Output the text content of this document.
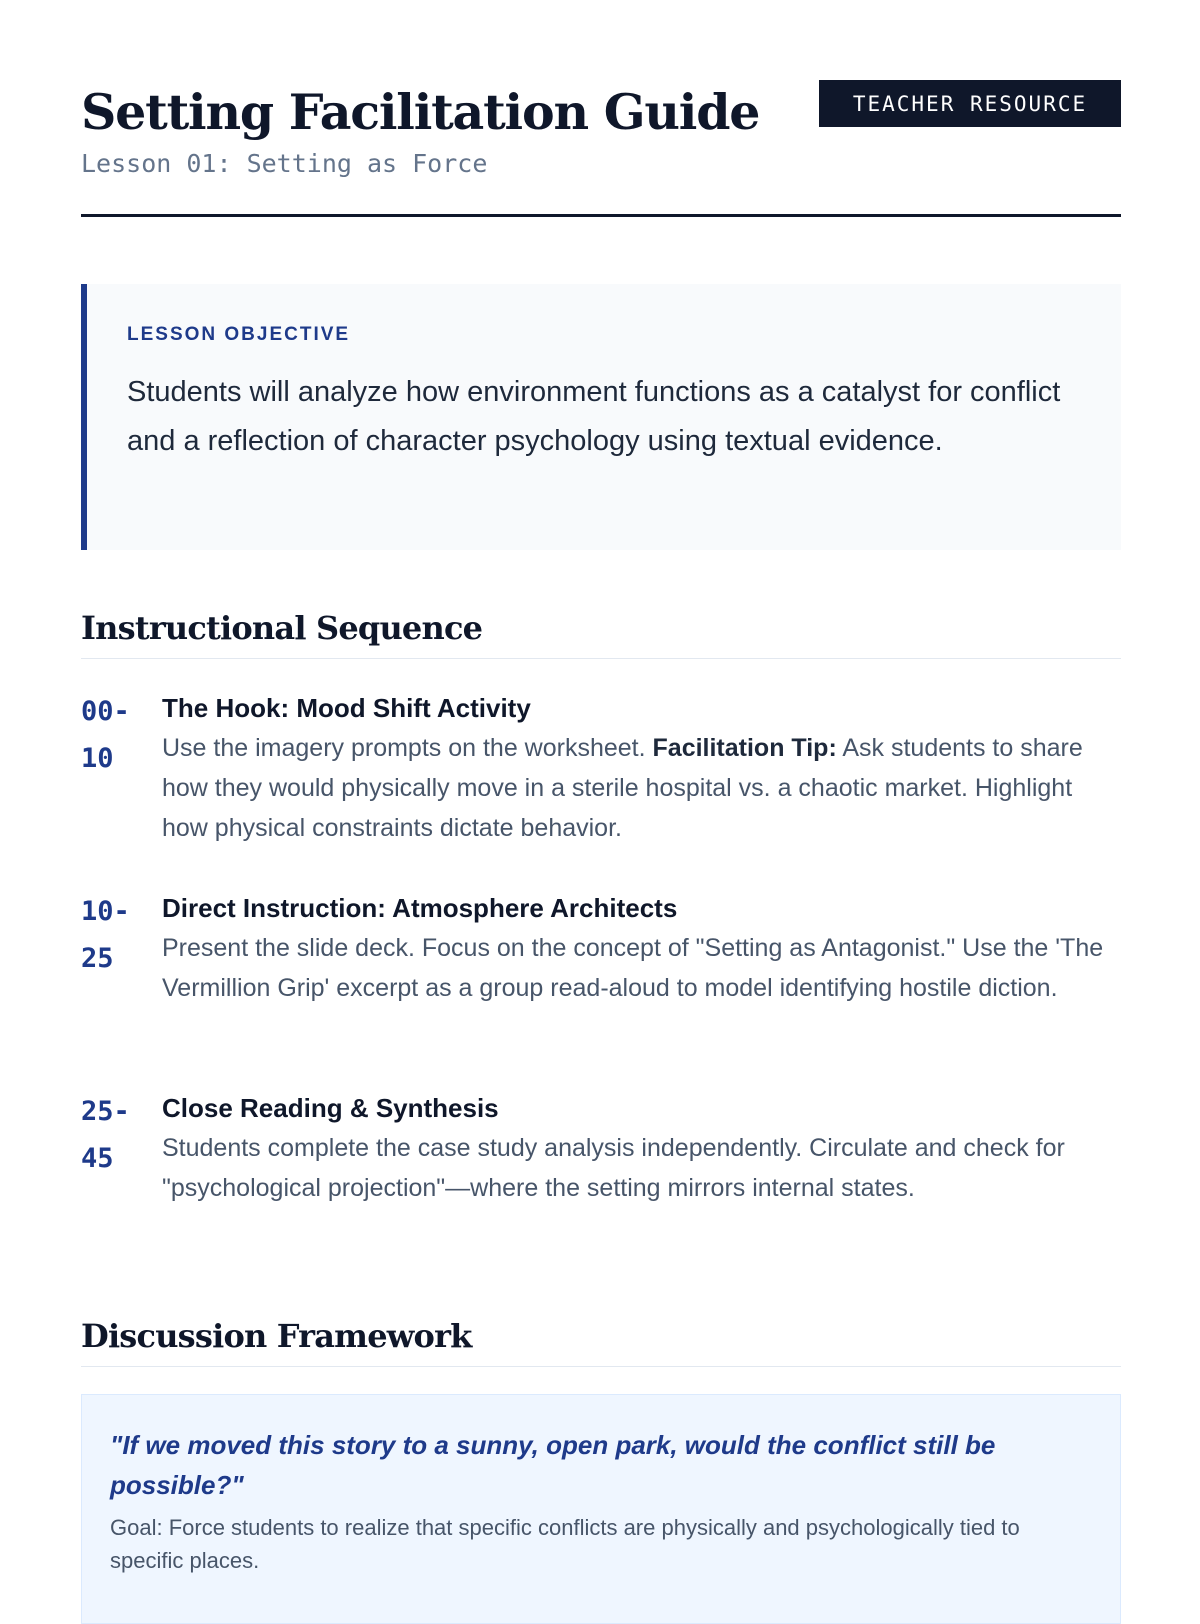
Setting Facilitation Guide
Lesson 01: Setting as Force
TEACHER RESOURCE
LESSON OBJECTIVE

Students will analyze how environment functions as a catalyst for conflict and a reflection of character psychology using textual evidence.

Instructional Sequence
00-10
The Hook: Mood Shift Activity

Use the imagery prompts on the worksheet. Facilitation Tip: Ask students to share how they would physically move in a sterile hospital vs. a chaotic market. Highlight how physical constraints dictate behavior.

10-25
Direct Instruction: Atmosphere Architects

Present the slide deck. Focus on the concept of "Setting as Antagonist." Use the 'The Vermillion Grip' excerpt as a group read-aloud to model identifying hostile diction.

25-45
Close Reading & Synthesis

Students complete the case study analysis independently. Circulate and check for "psychological projection"—where the setting mirrors internal states.

Discussion Framework

"If we moved this story to a sunny, open park, would the conflict still be possible?"

Goal: Force students to realize that specific conflicts are physically and psychologically tied to specific places.
